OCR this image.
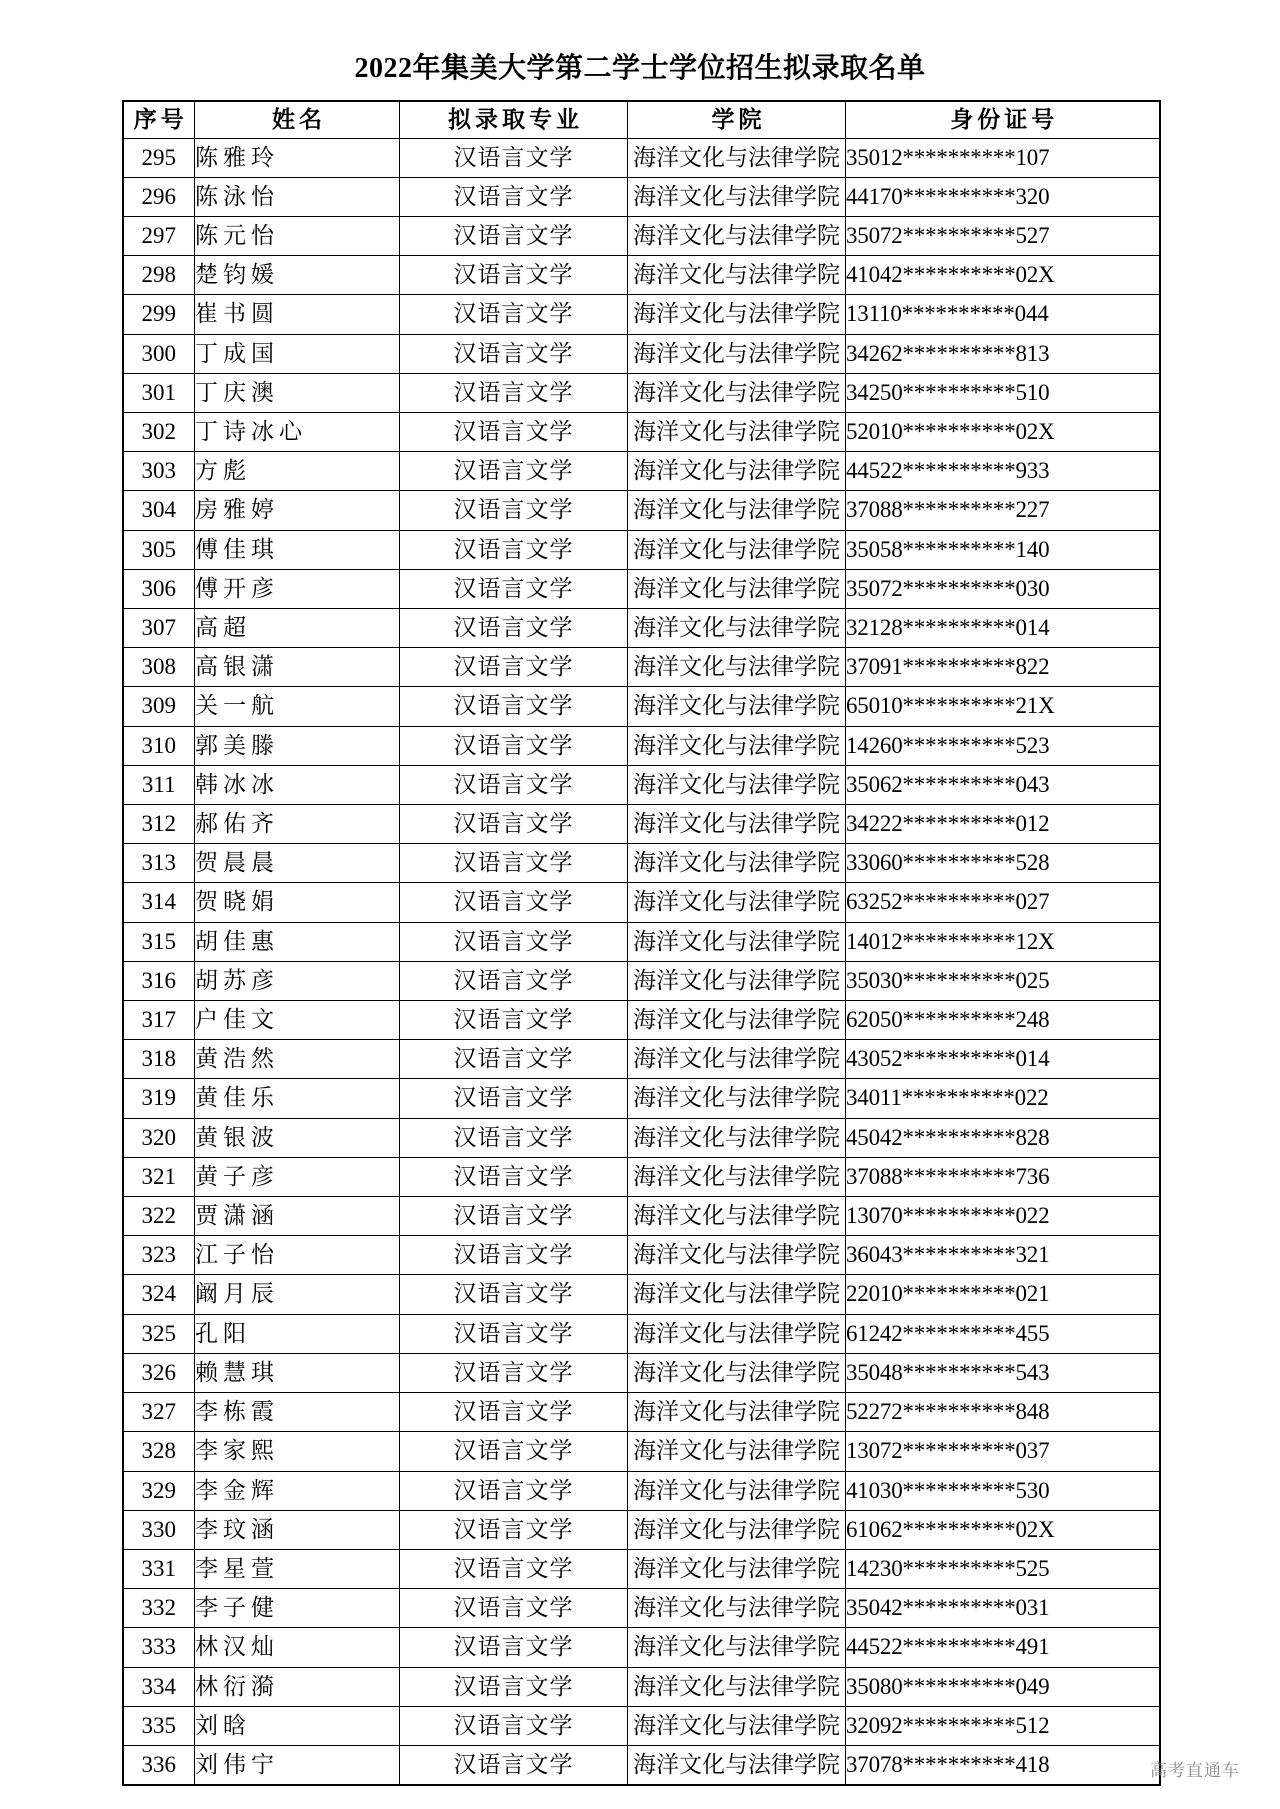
2022年集美大学第二学士学位招生拟录取名单
序号	姓名	拟录取专业	学院	身份证号
295	陈雅玲	汉语言文学	海洋文化与法律学院	35012**********107
296	陈泳怡	汉语言文学	海洋文化与法律学院	44170**********320
297	陈元怡	汉语言文学	海洋文化与法律学院	35072**********527
298	楚钧媛	汉语言文学	海洋文化与法律学院	41042**********02X
299	崔书圆	汉语言文学	海洋文化与法律学院	13110**********044
300	丁成国	汉语言文学	海洋文化与法律学院	34262**********813
301	丁庆澳	汉语言文学	海洋文化与法律学院	34250**********510
302	丁诗冰心	汉语言文学	海洋文化与法律学院	52010**********02X
303	方彪	汉语言文学	海洋文化与法律学院	44522**********933
304	房雅婷	汉语言文学	海洋文化与法律学院	37088**********227
305	傅佳琪	汉语言文学	海洋文化与法律学院	35058**********140
306	傅开彦	汉语言文学	海洋文化与法律学院	35072**********030
307	高超	汉语言文学	海洋文化与法律学院	32128**********014
308	高银潇	汉语言文学	海洋文化与法律学院	37091**********822
309	关一航	汉语言文学	海洋文化与法律学院	65010**********21X
310	郭美滕	汉语言文学	海洋文化与法律学院	14260**********523
311	韩冰冰	汉语言文学	海洋文化与法律学院	35062**********043
312	郝佑齐	汉语言文学	海洋文化与法律学院	34222**********012
313	贺晨晨	汉语言文学	海洋文化与法律学院	33060**********528
314	贺晓娟	汉语言文学	海洋文化与法律学院	63252**********027
315	胡佳惠	汉语言文学	海洋文化与法律学院	14012**********12X
316	胡苏彦	汉语言文学	海洋文化与法律学院	35030**********025
317	户佳文	汉语言文学	海洋文化与法律学院	62050**********248
318	黄浩然	汉语言文学	海洋文化与法律学院	43052**********014
319	黄佳乐	汉语言文学	海洋文化与法律学院	34011**********022
320	黄银波	汉语言文学	海洋文化与法律学院	45042**********828
321	黄子彦	汉语言文学	海洋文化与法律学院	37088**********736
322	贾潇涵	汉语言文学	海洋文化与法律学院	13070**********022
323	江子怡	汉语言文学	海洋文化与法律学院	36043**********321
324	阚月辰	汉语言文学	海洋文化与法律学院	22010**********021
325	孔阳	汉语言文学	海洋文化与法律学院	61242**********455
326	赖慧琪	汉语言文学	海洋文化与法律学院	35048**********543
327	李栋霞	汉语言文学	海洋文化与法律学院	52272**********848
328	李家熙	汉语言文学	海洋文化与法律学院	13072**********037
329	李金辉	汉语言文学	海洋文化与法律学院	41030**********530
330	李玟涵	汉语言文学	海洋文化与法律学院	61062**********02X
331	李星萱	汉语言文学	海洋文化与法律学院	14230**********525
332	李子健	汉语言文学	海洋文化与法律学院	35042**********031
333	林汉灿	汉语言文学	海洋文化与法律学院	44522**********491
334	林衍漪	汉语言文学	海洋文化与法律学院	35080**********049
335	刘晗	汉语言文学	海洋文化与法律学院	32092**********512
336	刘伟宁	汉语言文学	海洋文化与法律学院	37078**********418	高考直通车
